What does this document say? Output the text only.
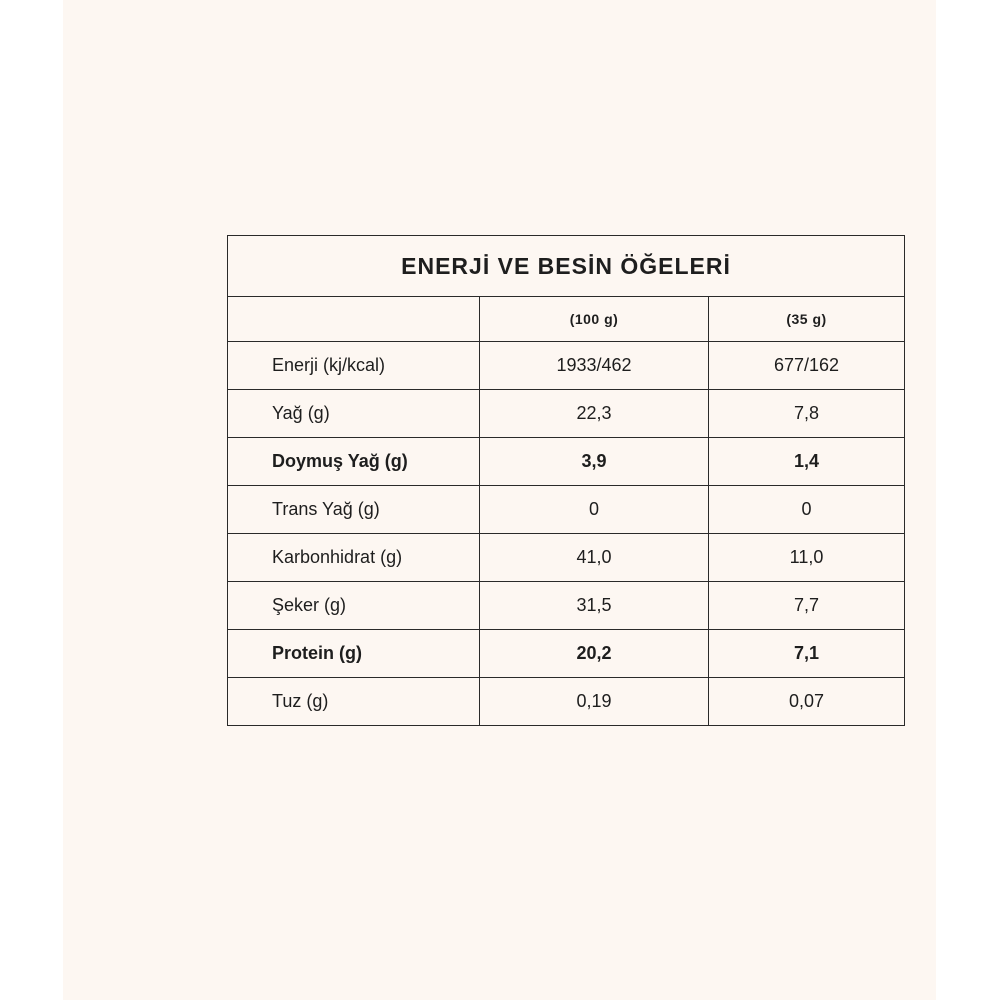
ENERJİ VE BESİN ÖĞELERİ		
	(100 g)	(35 g)
Enerji (kj/kcal)	1933/462	677/162
Yağ (g)	22,3	7,8
Doymuş Yağ (g)	3,9	1,4
Trans Yağ (g)	0	0
Karbonhidrat (g)	41,0	11,0
Şeker (g)	31,5	7,7
Protein (g)	20,2	7,1
Tuz (g)	0,19	0,07
